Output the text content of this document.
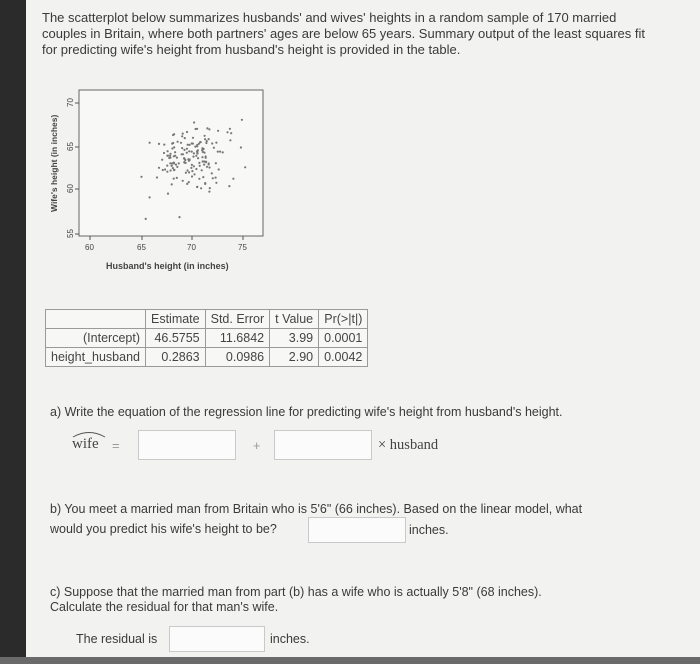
The scatterplot below summarizes husbands' and wives' heights in a random sample of 170 married couples in Britain, where both partners' ages are below 65 years. Summary output of the least squares fit for predicting wife's height from husband's height is provided in the table.
Wife's height (in inches)
Husband's height (in inches)
70
65
60
55
60	65	70	75
	Estimate	Std. Error	t Value	Pr(>|t|)
(Intercept)	46.5755	11.6842	3.99	0.0001
height_husband	0.2863	0.0986	2.90	0.0042
a) Write the equation of the regression line for predicting wife's height from husband's height.
wife =	+	× husband
b) You meet a married man from Britain who is 5'6" (66 inches). Based on the linear model, what
would you predict his wife's height to be?	inches.
c) Suppose that the married man from part (b) has a wife who is actually 5'8" (68 inches).
Calculate the residual for that man's wife.
The residual is	inches.
